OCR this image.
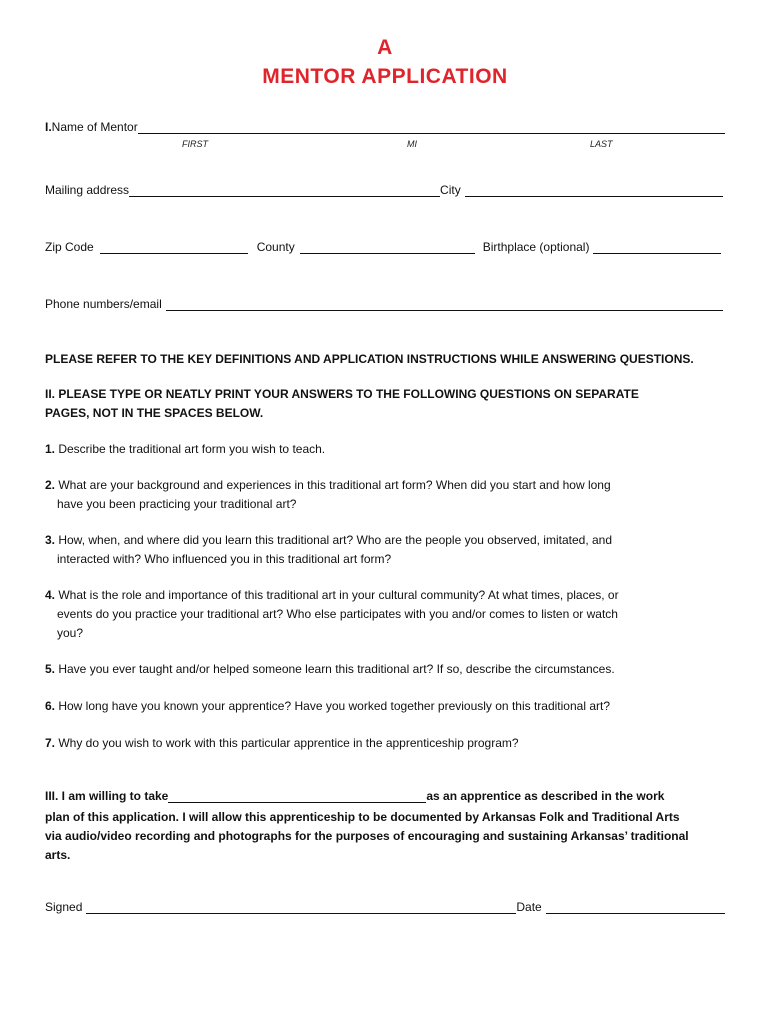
A
MENTOR APPLICATION
I. Name of Mentor
FIRST	MI	LAST
Mailing address	City
Zip Code	County	Birthplace (optional)
Phone numbers/email
PLEASE REFER TO THE KEY DEFINITIONS AND APPLICATION INSTRUCTIONS WHILE ANSWERING QUESTIONS.
II. PLEASE TYPE OR NEATLY PRINT YOUR ANSWERS TO THE FOLLOWING QUESTIONS ON SEPARATE
PAGES, NOT IN THE SPACES BELOW.
1. Describe the traditional art form you wish to teach.
2. What are your background and experiences in this traditional art form? When did you start and how long
have you been practicing your traditional art?
3. How, when, and where did you learn this traditional art? Who are the people you observed, imitated, and
interacted with? Who influenced you in this traditional art form?
4. What is the role and importance of this traditional art in your cultural community? At what times, places, or
events do you practice your traditional art? Who else participates with you and/or comes to listen or watch
you?
5. Have you ever taught and/or helped someone learn this traditional art? If so, describe the circumstances.
6. How long have you known your apprentice? Have you worked together previously on this traditional art?
7. Why do you wish to work with this particular apprentice in the apprenticeship program?
III. I am willing to take	as an apprentice as described in the work
plan of this application. I will allow this apprenticeship to be documented by Arkansas Folk and Traditional Arts
via audio/video recording and photographs for the purposes of encouraging and sustaining Arkansas’ traditional
arts.
Signed	Date
